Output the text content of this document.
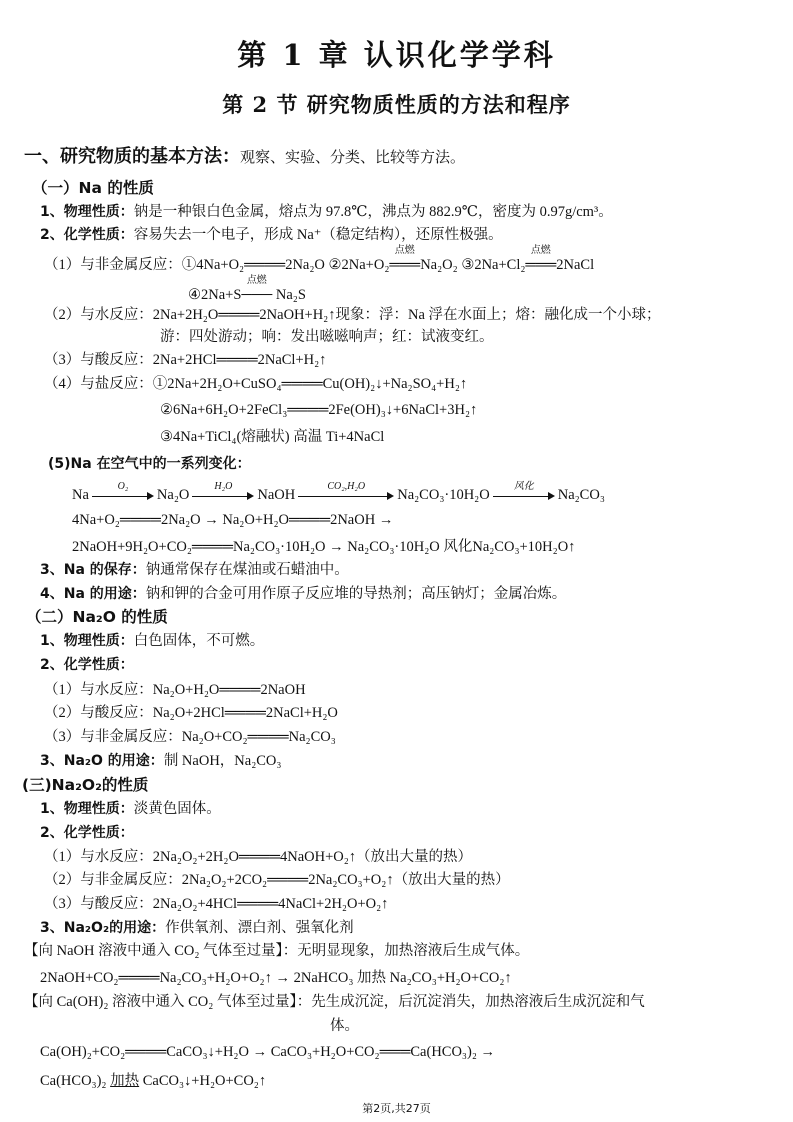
第 1 章 认识化学学科
第 2 节 研究物质性质的方法和程序
一、研究物质的基本方法：观察、实验、分类、比较等方法。
（一）Na 的性质
1、物理性质：钠是一种银白色金属，熔点为 97.8℃，沸点为 882.9℃，密度为 0.97g/cm³。
2、化学性质：容易失去一个电子，形成 Na⁺（稳定结构），还原性极强。
（1）与非金属反应：①4Na+O₂════2Na₂O ②2Na+O₂
点燃
═══ Na₂O₂ ③2Na+Cl₂
点燃
═══ 2NaCl
④2Na+S
点燃
─── Na₂S
（2）与水反应：2Na+2H₂O════2NaOH+H₂↑现象：浮：Na 浮在水面上；熔：融化成一个小球；
游：四处游动；响：发出嗞嗞响声；红：试液变红。
（3）与酸反应：2Na+2HCl════2NaCl+H₂↑
（4）与盐反应：①2Na+2H₂O+CuSO₄════Cu(OH)₂↓+Na₂SO₄+H₂↑
②6Na+6H₂O+2FeCl₃════2Fe(OH)₃↓+6NaCl+3H₂↑
③4Na+TiCl₄(熔融状) 高温 Ti+4NaCl
(5)Na 在空气中的一系列变化：
4Na+O₂════2Na₂O → Na₂O+H₂O════2NaOH →
2NaOH+9H₂O+CO₂════Na₂CO₃·10H₂O → Na₂CO₃·10H₂O 风化Na₂CO₃+10H₂O↑
3、Na 的保存：钠通常保存在煤油或石蜡油中。
4、Na 的用途：钠和钾的合金可用作原子反应堆的导热剂；高压钠灯；金属冶炼。
（二）Na₂O 的性质
1、物理性质：白色固体，不可燃。
2、化学性质：
（1）与水反应：Na₂O+H₂O════2NaOH
（2）与酸反应：Na₂O+2HCl════2NaCl+H₂O
（3）与非金属反应：Na₂O+CO₂════Na₂CO₃
3、Na₂O 的用途：制 NaOH，Na₂CO₃
(三)Na₂O₂的性质
1、物理性质：淡黄色固体。
2、化学性质：
（1）与水反应：2Na₂O₂+2H₂O════4NaOH+O₂↑（放出大量的热）
（2）与非金属反应：2Na₂O₂+2CO₂════2Na₂CO₃+O₂↑（放出大量的热）
（3）与酸反应：2Na₂O₂+4HCl════4NaCl+2H₂O+O₂↑
3、Na₂O₂的用途：作供氧剂、漂白剂、强氧化剂
【向 NaOH 溶液中通入 CO₂ 气体至过量】：无明显现象，加热溶液后生成气体。
2NaOH+CO₂════Na₂CO₃+H₂O+O₂↑ → 2NaHCO₃ 加热 Na₂CO₃+H₂O+CO₂↑
【向 Ca(OH)₂ 溶液中通入 CO₂ 气体至过量】：先生成沉淀，后沉淀消失，加热溶液后生成沉淀和气
体。
Ca(OH)₂+CO₂════CaCO₃↓+H₂O → CaCO₃+H₂O+CO₂═══Ca(HCO₃)₂ →
Ca(HCO₃)₂ 加热 CaCO₃↓+H₂O+CO₂↑
Na
O₂
Na₂O
H₂O
NaOH
CO₂,H₂O
Na₂CO₃·10H₂O
风化
Na₂CO₃
第2页,共27页
